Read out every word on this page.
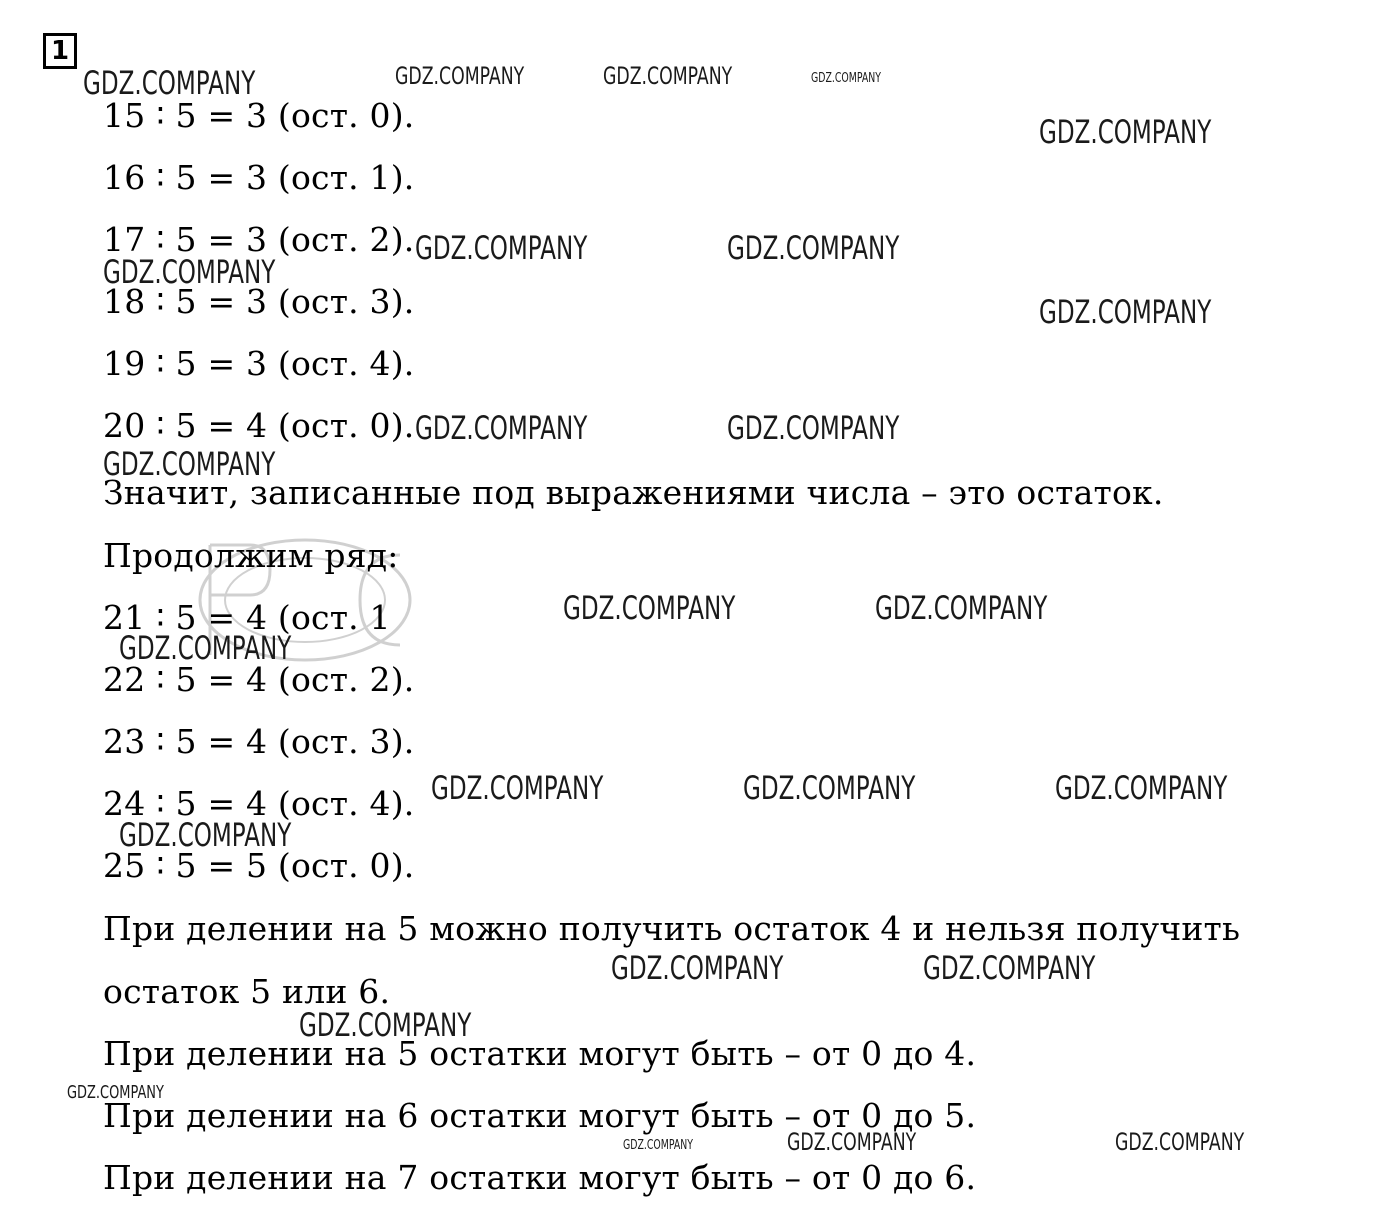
1
15 ∶ 5 = 3 (ост. 0).
16 ∶ 5 = 3 (ост. 1).
17 ∶ 5 = 3 (ост. 2).
18 ∶ 5 = 3 (ост. 3).
19 ∶ 5 = 3 (ост. 4).
20 ∶ 5 = 4 (ост. 0).
Значит, записанные под выражениями числа – это остаток.
Продолжим ряд:
21 ∶ 5 = 4 (ост. 1
22 ∶ 5 = 4 (ост. 2).
23 ∶ 5 = 4 (ост. 3).
24 ∶ 5 = 4 (ост. 4).
25 ∶ 5 = 5 (ост. 0).
При делении на 5 можно получить остаток 4 и нельзя получить
остаток 5 или 6.
При делении на 5 остатки могут быть – от 0 до 4.
При делении на 6 остатки могут быть – от 0 до 5.
При делении на 7 остатки могут быть – от 0 до 6.
GDZ.COMPANY	GDZ.COMPANY	GDZ.COMPANY	GDZ.COMPANY
GDZ.COMPANY
GDZ.COMPANY	GDZ.COMPANY
GDZ.COMPANY
GDZ.COMPANY
GDZ.COMPANY	GDZ.COMPANY
GDZ.COMPANY
GDZ.COMPANY	GDZ.COMPANY
GDZ.COMPANY
GDZ.COMPANY	GDZ.COMPANY	GDZ.COMPANY
GDZ.COMPANY
GDZ.COMPANY	GDZ.COMPANY
GDZ.COMPANY
GDZ.COMPANY
GDZ.COMPANY	GDZ.COMPANY
GDZ.COMPANY
